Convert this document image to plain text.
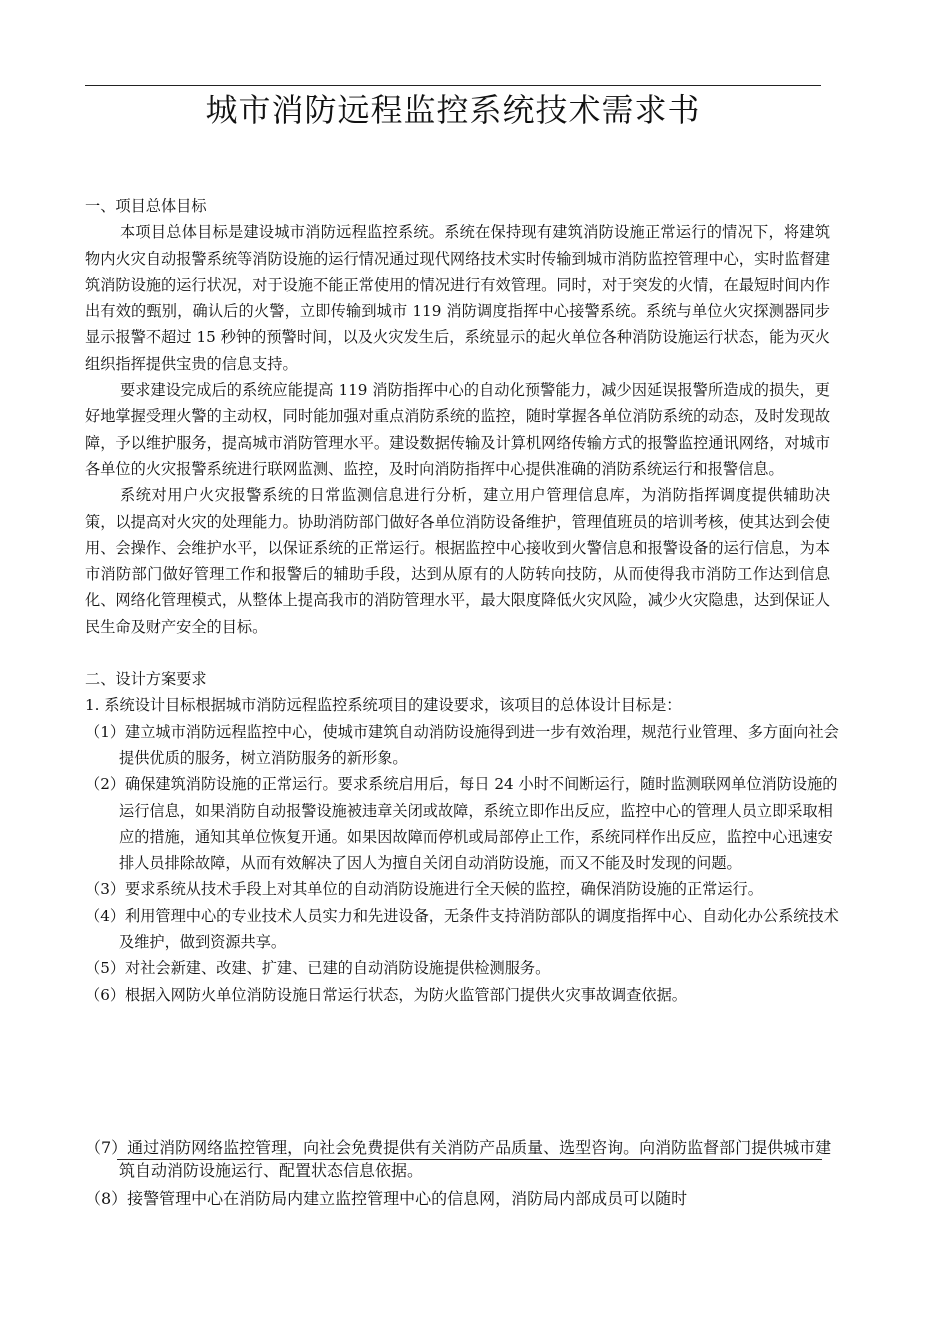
城市消防远程监控系统技术需求书

一、项目总体目标

本项目总体目标是建设城市消防远程监控系统。系统在保持现有建筑消防设施正常运行的情况下，将建筑物内火灾自动报警系统等消防设施的运行情况通过现代网络技术实时传输到城市消防监控管理中心，实时监督建筑消防设施的运行状况，对于设施不能正常使用的情况进行有效管理。同时，对于突发的火情，在最短时间内作出有效的甄别，确认后的火警，立即传输到城市 119 消防调度指挥中心接警系统。系统与单位火灾探测器同步显示报警不超过 15 秒钟的预警时间，以及火灾发生后，系统显示的起火单位各种消防设施运行状态，能为灭火组织指挥提供宝贵的信息支持。

要求建设完成后的系统应能提高 119 消防指挥中心的自动化预警能力，减少因延误报警所造成的损失，更好地掌握受理火警的主动权，同时能加强对重点消防系统的监控，随时掌握各单位消防系统的动态，及时发现故障，予以维护服务，提高城市消防管理水平。建设数据传输及计算机网络传输方式的报警监控通讯网络，对城市各单位的火灾报警系统进行联网监测、监控，及时向消防指挥中心提供准确的消防系统运行和报警信息。

系统对用户火灾报警系统的日常监测信息进行分析，建立用户管理信息库，为消防指挥调度提供辅助决策，以提高对火灾的处理能力。协助消防部门做好各单位消防设备维护，管理值班员的培训考核，使其达到会使用、会操作、会维护水平，以保证系统的正常运行。根据监控中心接收到火警信息和报警设备的运行信息，为本市消防部门做好管理工作和报警后的辅助手段，达到从原有的人防转向技防，从而使得我市消防工作达到信息化、网络化管理模式，从整体上提高我市的消防管理水平，最大限度降低火灾风险，减少火灾隐患，达到保证人民生命及财产安全的目标。

二、设计方案要求

1. 系统设计目标根据城市消防远程监控系统项目的建设要求，该项目的总体设计目标是：

（1）建立城市消防远程监控中心，使城市建筑自动消防设施得到进一步有效治理，规范行业管理、多方面向社会提供优质的服务，树立消防服务的新形象。

（2）确保建筑消防设施的正常运行。要求系统启用后，每日 24 小时不间断运行，随时监测联网单位消防设施的运行信息，如果消防自动报警设施被违章关闭或故障，系统立即作出反应，监控中心的管理人员立即采取相应的措施，通知其单位恢复开通。如果因故障而停机或局部停止工作，系统同样作出反应，监控中心迅速安排人员排除故障，从而有效解决了因人为擅自关闭自动消防设施，而又不能及时发现的问题。

（3）要求系统从技术手段上对其单位的自动消防设施进行全天候的监控，确保消防设施的正常运行。

（4）利用管理中心的专业技术人员实力和先进设备，无条件支持消防部队的调度指挥中心、自动化办公系统技术及维护，做到资源共享。

（5）对社会新建、改建、扩建、已建的自动消防设施提供检测服务。

（6）根据入网防火单位消防设施日常运行状态，为防火监管部门提供火灾事故调查依据。

（7）通过消防网络监控管理，向社会免费提供有关消防产品质量、选型咨询。向消防监督部门提供城市建筑自动消防设施运行、配置状态信息依据。

（8）接警管理中心在消防局内建立监控管理中心的信息网，消防局内部成员可以随时
